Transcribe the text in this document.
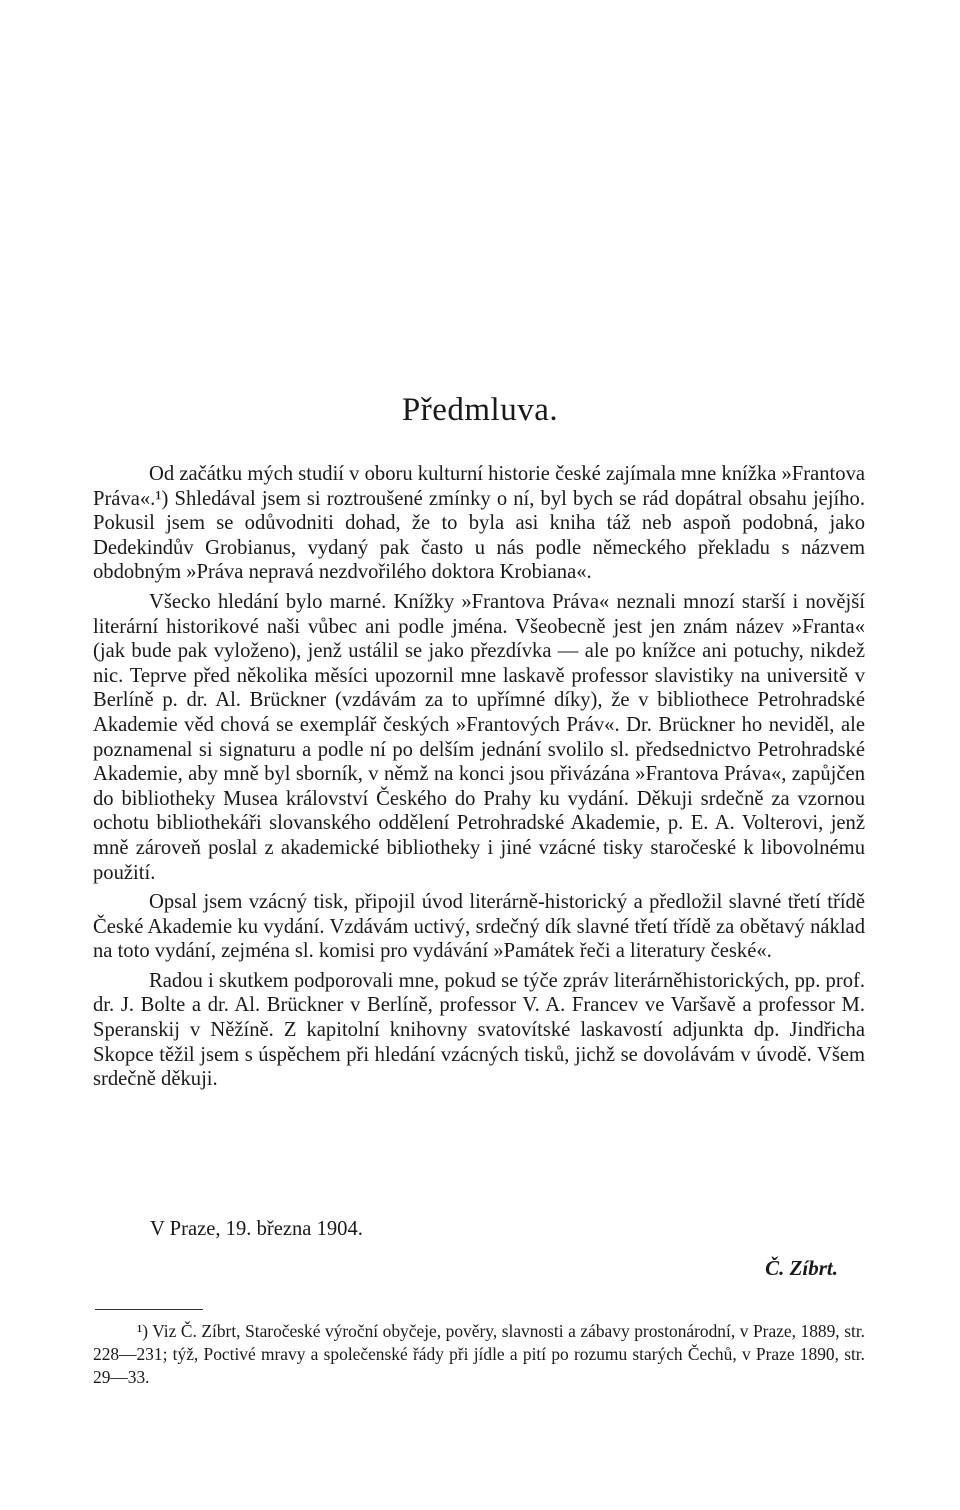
Předmluva.

Od začátku mých studií v oboru kulturní historie české zajímala mne knížka »Frantova Práva«.¹) Shledával jsem si roztroušené zmínky o ní, byl bych se rád dopátral obsahu jejího. Pokusil jsem se odůvodniti dohad, že to byla asi kniha táž neb aspoň podobná, jako Dedekindův Grobianus, vydaný pak často u nás podle německého překladu s názvem obdobným »Práva nepravá nezdvořilého doktora Krobiana«.

Všecko hledání bylo marné. Knížky »Frantova Práva« neznali mnozí starší i novější literární historikové naši vůbec ani podle jména. Všeobecně jest jen znám název »Franta« (jak bude pak vyloženo), jenž ustálil se jako přezdívka — ale po knížce ani potuchy, nikdež nic. Teprve před několika měsíci upozornil mne laskavě professor slavistiky na universitě v Berlíně p. dr. Al. Brückner (vzdávám za to upřímné díky), že v bibliothece Petrohradské Akademie věd chová se exemplář českých »Frantových Práv«. Dr. Brückner ho neviděl, ale poznamenal si signaturu a podle ní po delším jednání svolilo sl. předsednictvo Petrohradské Akademie, aby mně byl sborník, v němž na konci jsou přivázána »Frantova Práva«, zapůjčen do bibliotheky Musea království Českého do Prahy ku vydání. Děkuji srdečně za vzornou ochotu bibliothekáři slovanského oddělení Petrohradské Akademie, p. E. A. Volterovi, jenž mně zároveň poslal z akademické bibliotheky i jiné vzácné tisky staročeské k libovolnému použití.

Opsal jsem vzácný tisk, připojil úvod literárně-historický a předložil slavné třetí třídě České Akademie ku vydání. Vzdávám uctivý, srdečný dík slavné třetí třídě za obětavý náklad na toto vydání, zejména sl. komisi pro vydávání »Památek řeči a literatury české«.

Radou i skutkem podporovali mne, pokud se týče zpráv literárněhistorických, pp. prof. dr. J. Bolte a dr. Al. Brückner v Berlíně, professor V. A. Francev ve Varšavě a professor M. Speranskij v Něžíně. Z kapitolní knihovny svatovítské laskavostí adjunkta dp. Jindřicha Skopce těžil jsem s úspěchem při hledání vzácných tisků, jichž se dovolávám v úvodě. Všem srdečně děkuji.

V Praze, 19. března 1904.
Č. Zíbrt.

¹) Viz Č. Zíbrt, Staročeské výroční obyčeje, pověry, slavnosti a zábavy prostonárodní, v Praze, 1889, str. 228—231; týž, Poctivé mravy a společenské řády při jídle a pití po rozumu starých Čechů, v Praze 1890, str. 29—33.
